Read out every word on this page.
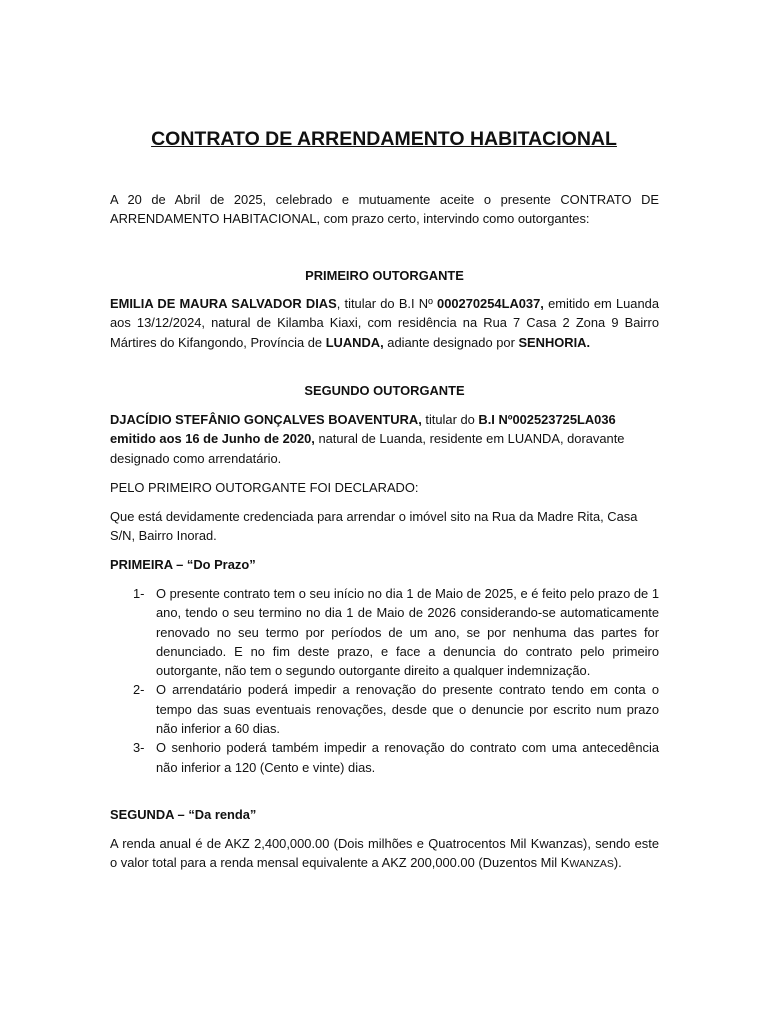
CONTRATO DE ARRENDAMENTO HABITACIONAL
A 20 de Abril de 2025, celebrado e mutuamente aceite o presente CONTRATO DE ARRENDAMENTO HABITACIONAL, com prazo certo, intervindo como outorgantes:
PRIMEIRO OUTORGANTE
EMILIA DE MAURA SALVADOR DIAS, titular do B.I Nº 000270254LA037, emitido em Luanda aos 13/12/2024, natural de Kilamba Kiaxi, com residência na Rua 7 Casa 2 Zona 9 Bairro Mártires do Kifangondo, Província de LUANDA, adiante designado por SENHORIA.
SEGUNDO OUTORGANTE
DJACÍDIO STEFÂNIO GONÇALVES BOAVENTURA, titular do B.I Nº002523725LA036 emitido aos 16 de Junho de 2020, natural de Luanda, residente em LUANDA, doravante designado como arrendatário.
PELO PRIMEIRO OUTORGANTE FOI DECLARADO:
Que está devidamente credenciada para arrendar o imóvel sito na Rua da Madre Rita, Casa S/N, Bairro Inorad.
PRIMEIRA – “Do Prazo”
1- O presente contrato tem o seu início no dia 1 de Maio de 2025, e é feito pelo prazo de 1 ano, tendo o seu termino no dia 1 de Maio de 2026 considerando-se automaticamente renovado no seu termo por períodos de um ano, se por nenhuma das partes for denunciado. E no fim deste prazo, e face a denuncia do contrato pelo primeiro outorgante, não tem o segundo outorgante direito a qualquer indemnização.
2- O arrendatário poderá impedir a renovação do presente contrato tendo em conta o tempo das suas eventuais renovações, desde que o denuncie por escrito num prazo não inferior a 60 dias.
3- O senhorio poderá também impedir a renovação do contrato com uma antecedência não inferior a 120 (Cento e vinte) dias.
SEGUNDA – “Da renda”
A renda anual é de AKZ 2,400,000.00 (Dois milhões e Quatrocentos Mil Kwanzas), sendo este o valor total para a renda mensal equivalente a AKZ 200,000.00 (Duzentos Mil KWANZAS).
